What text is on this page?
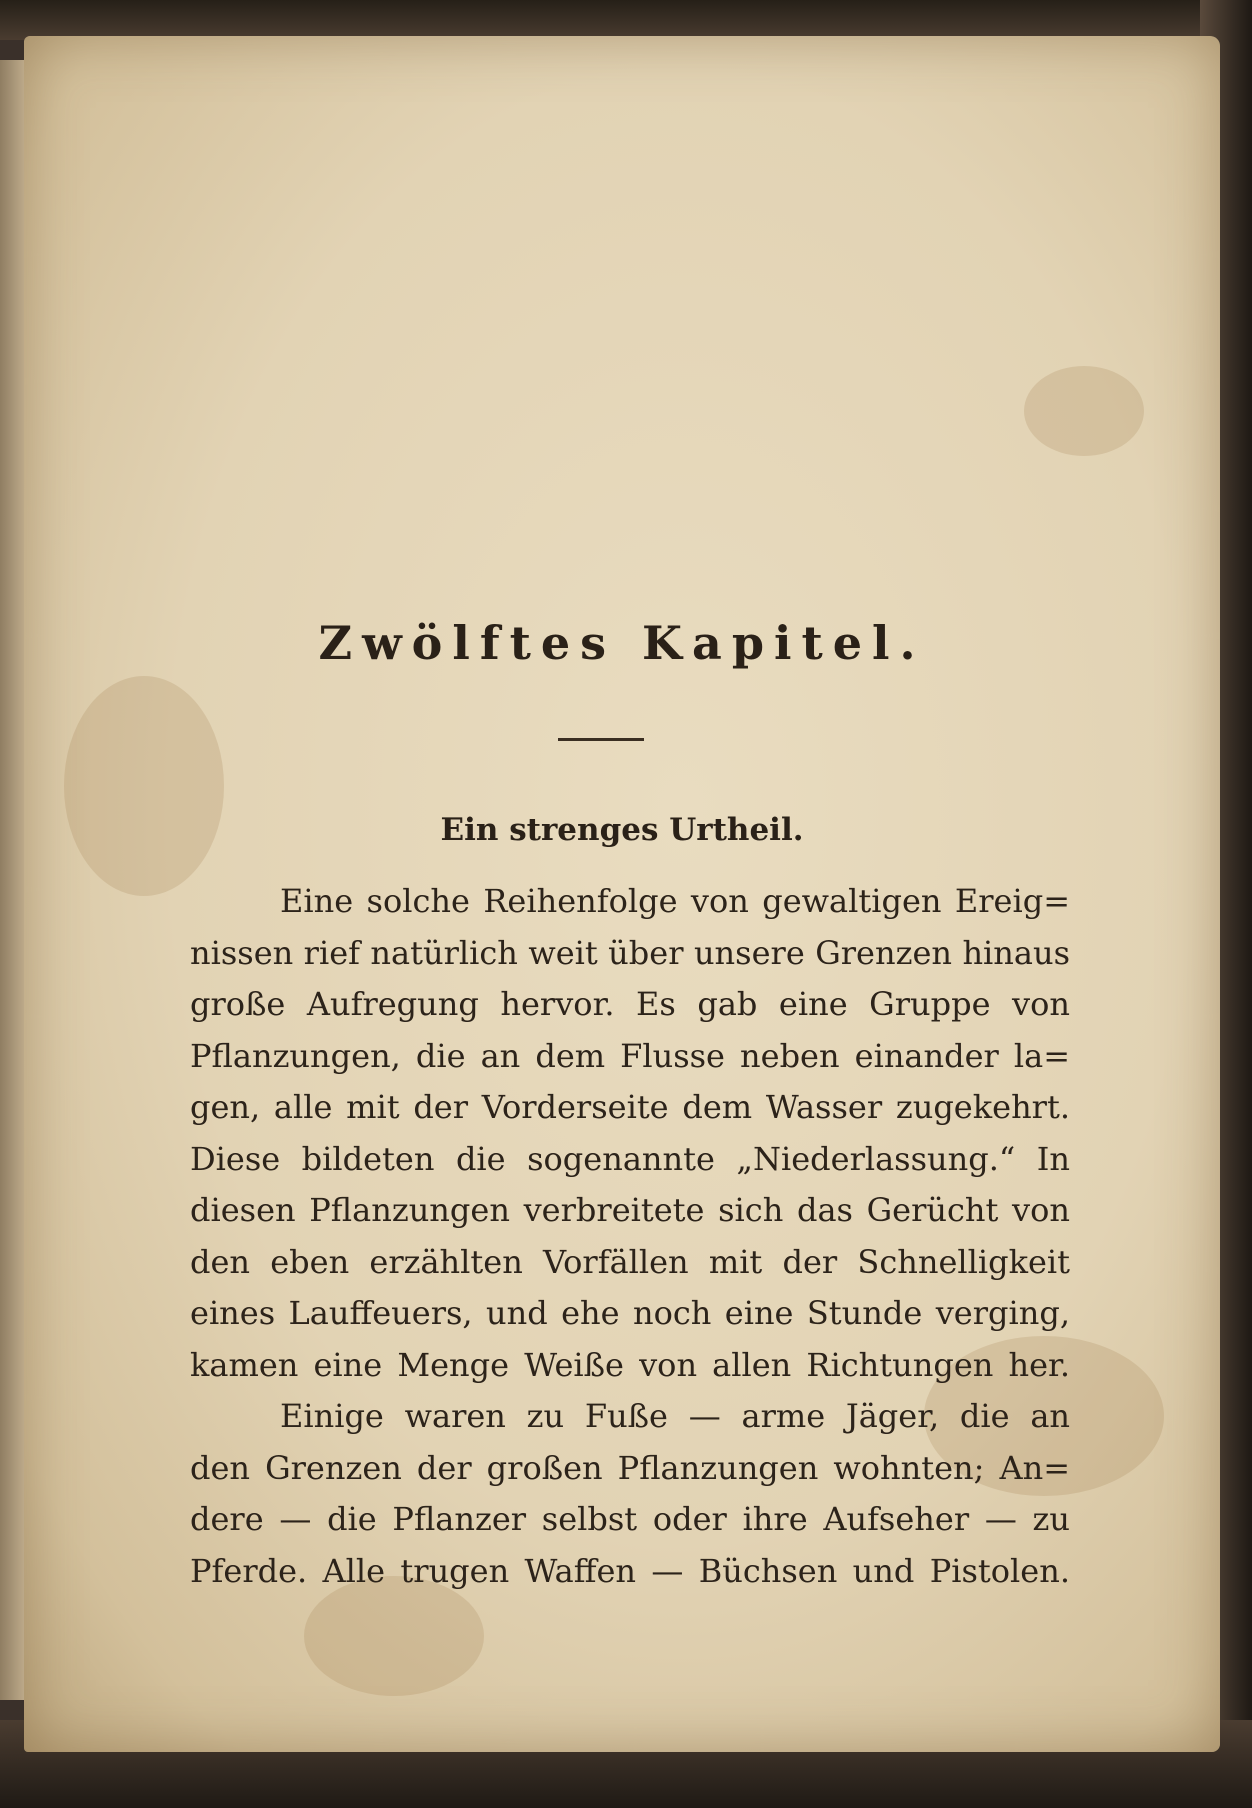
Zwölftes Kapitel.
Ein strenges Urtheil.
Eine solche Reihenfolge von gewaltigen Ereig=
nissen rief natürlich weit über unsere Grenzen hinaus
große Aufregung hervor. Es gab eine Gruppe von
Pflanzungen, die an dem Flusse neben einander la=
gen, alle mit der Vorderseite dem Wasser zugekehrt.
Diese bildeten die sogenannte „Niederlassung.“ In
diesen Pflanzungen verbreitete sich das Gerücht von
den eben erzählten Vorfällen mit der Schnelligkeit
eines Lauffeuers, und ehe noch eine Stunde verging,
kamen eine Menge Weiße von allen Richtungen her.
Einige waren zu Fuße — arme Jäger, die an
den Grenzen der großen Pflanzungen wohnten; An=
dere — die Pflanzer selbst oder ihre Aufseher — zu
Pferde. Alle trugen Waffen — Büchsen und Pistolen.
